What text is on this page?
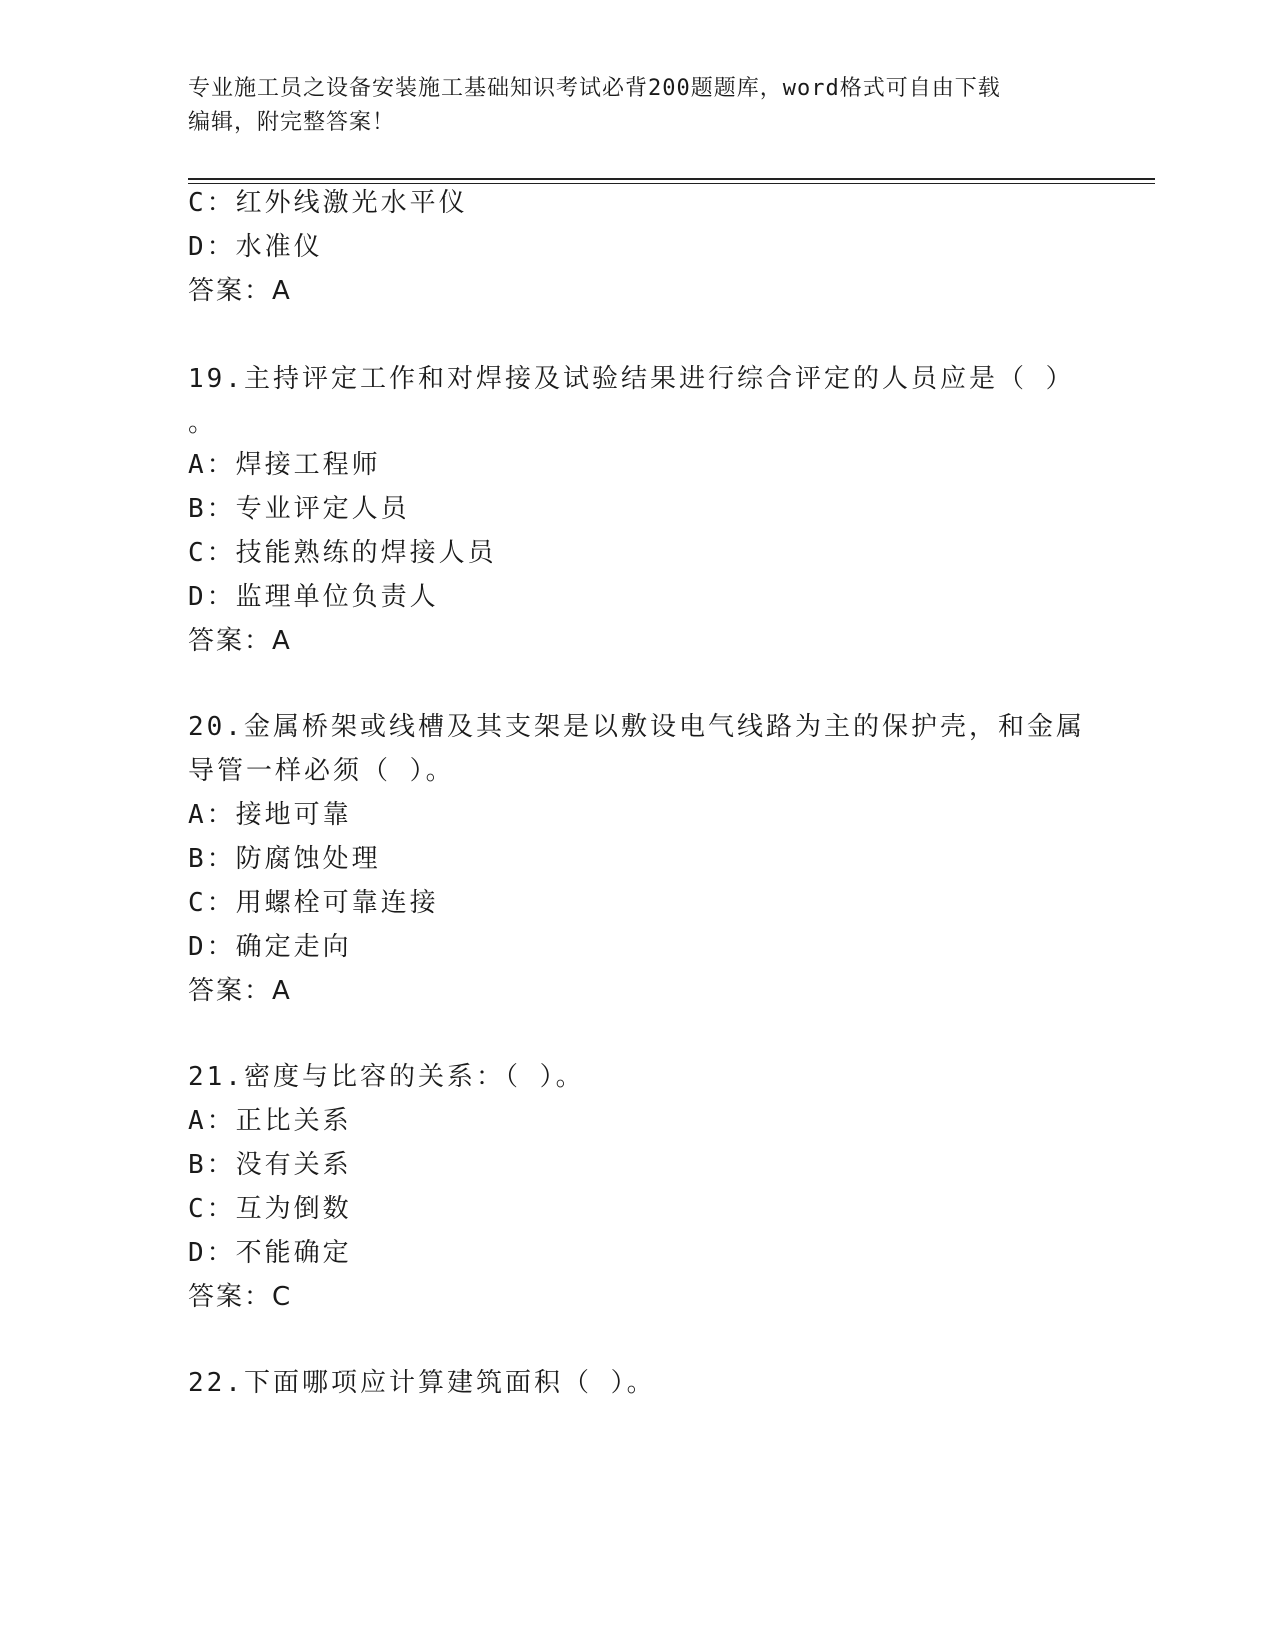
专业施工员之设备安装施工基础知识考试必背200题题库，word格式可自由下载
编辑，附完整答案！
C：红外线激光水平仪
D：水准仪
答案：A
19.主持评定工作和对焊接及试验结果进行综合评定的人员应是（ ）
。
A：焊接工程师
B：专业评定人员
C：技能熟练的焊接人员
D：监理单位负责人
答案：A
20.金属桥架或线槽及其支架是以敷设电气线路为主的保护壳，和金属
导管一样必须（ ）。
A：接地可靠
B：防腐蚀处理
C：用螺栓可靠连接
D：确定走向
答案：A
21.密度与比容的关系：（ ）。
A：正比关系
B：没有关系
C：互为倒数
D：不能确定
答案：C
22.下面哪项应计算建筑面积（ ）。
